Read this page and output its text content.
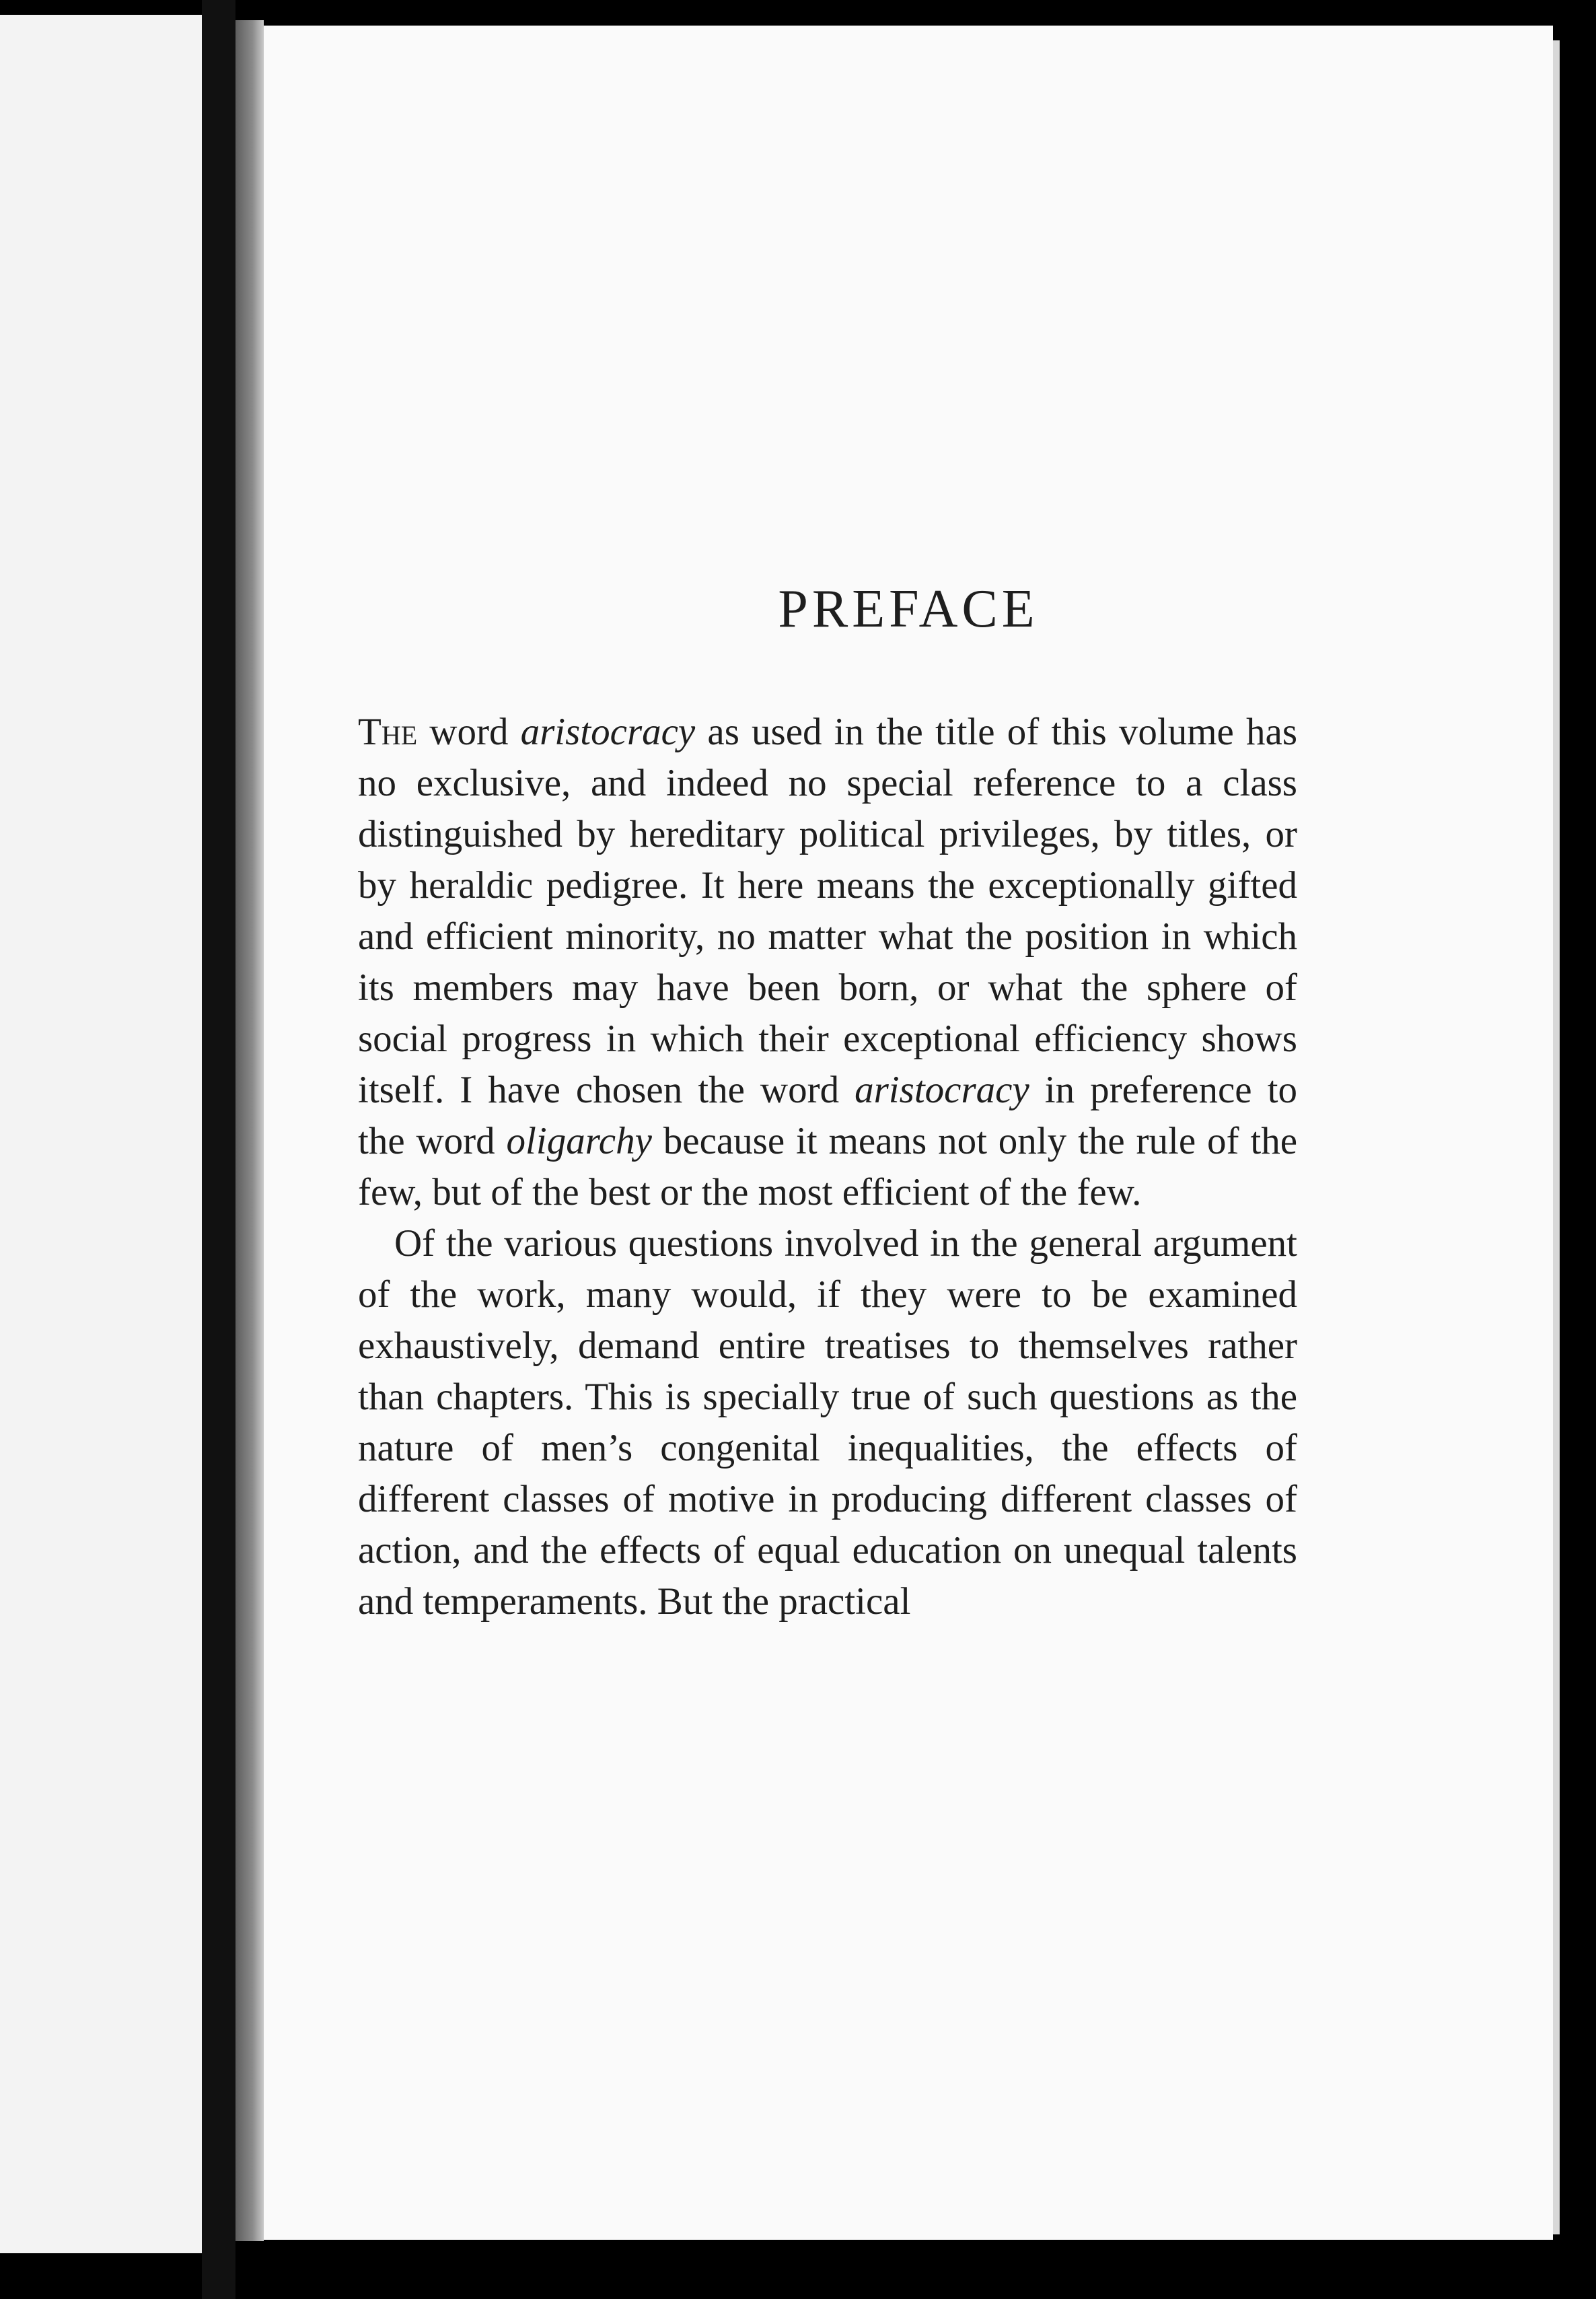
PREFACE

The word aristocracy as used in the title of this volume has no exclusive, and indeed no special reference to a class distinguished by hereditary political privileges, by titles, or by heraldic pedigree. It here means the exceptionally gifted and efficient minority, no matter what the position in which its members may have been born, or what the sphere of social progress in which their exceptional efficiency shows itself. I have chosen the word aristocracy in preference to the word oligarchy because it means not only the rule of the few, but of the best or the most efficient of the few.

Of the various questions involved in the general argument of the work, many would, if they were to be examined exhaustively, demand entire treatises to themselves rather than chapters. This is specially true of such questions as the nature of men’s congenital inequalities, the effects of different classes of motive in producing different classes of action, and the effects of equal education on unequal talents and temperaments. But the practical
